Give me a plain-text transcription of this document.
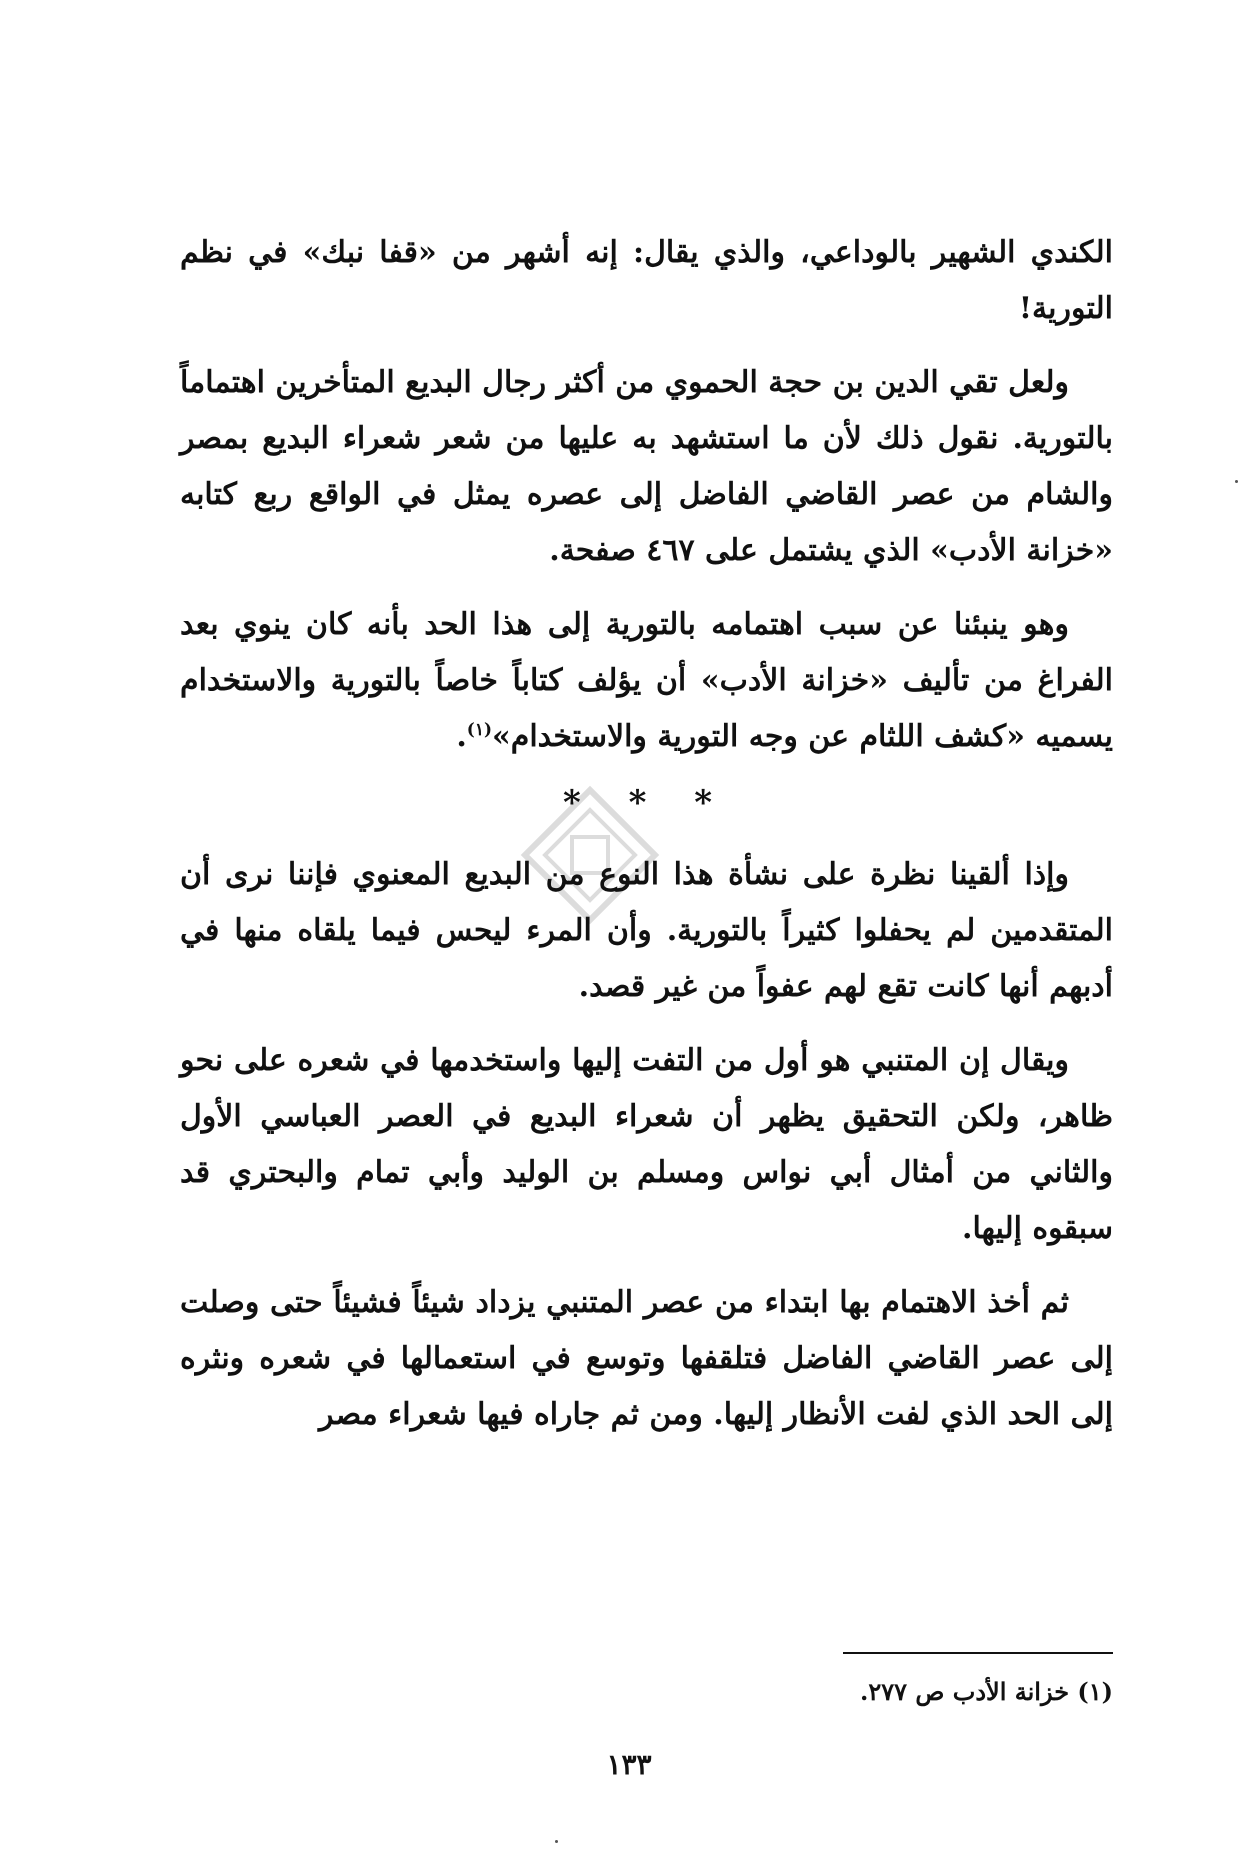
الكندي الشهير بالوداعي، والذي يقال: إنه أشهر من «قفا نبك» في نظم التورية!

ولعل تقي الدين بن حجة الحموي من أكثر رجال البديع المتأخرين اهتماماً بالتورية. نقول ذلك لأن ما استشهد به عليها من شعر شعراء البديع بمصر والشام من عصر القاضي الفاضل إلى عصره يمثل في الواقع ربع كتابه «خزانة الأدب» الذي يشتمل على ٤٦٧ صفحة.

وهو ينبئنا عن سبب اهتمامه بالتورية إلى هذا الحد بأنه كان ينوي بعد الفراغ من تأليف «خزانة الأدب» أن يؤلف كتاباً خاصاً بالتورية والاستخدام يسميه «كشف اللثام عن وجه التورية والاستخدام»$^{(١)}$.

* * *

وإذا ألقينا نظرة على نشأة هذا النوع من البديع المعنوي فإننا نرى أن المتقدمين لم يحفلوا كثيراً بالتورية. وأن المرء ليحس فيما يلقاه منها في أدبهم أنها كانت تقع لهم عفواً من غير قصد.

ويقال إن المتنبي هو أول من التفت إليها واستخدمها في شعره على نحو ظاهر، ولكن التحقيق يظهر أن شعراء البديع في العصر العباسي الأول والثاني من أمثال أبي نواس ومسلم بن الوليد وأبي تمام والبحتري قد سبقوه إليها.

ثم أخذ الاهتمام بها ابتداء من عصر المتنبي يزداد شيئاً فشيئاً حتى وصلت إلى عصر القاضي الفاضل فتلقفها وتوسع في استعمالها في شعره ونثره إلى الحد الذي لفت الأنظار إليها. ومن ثم جاراه فيها شعراء مصر

(١) خزانة الأدب ص ٢٧٧.
١٣٣
